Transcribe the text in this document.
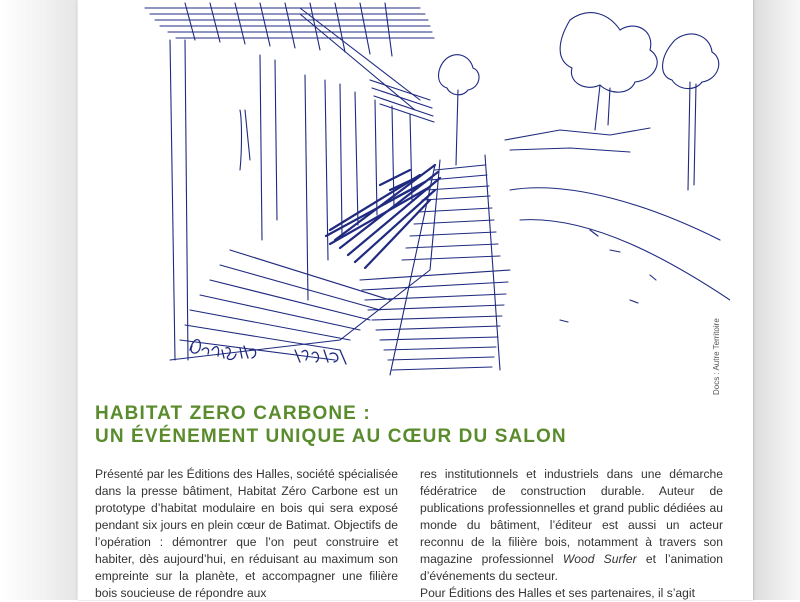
Perspective	Docs : Autre Territoire
HABITAT ZERO CARBONE :
UN ÉVÉNEMENT UNIQUE AU CŒUR DU SALON

Présenté par les Éditions des Halles, société spécialisée dans la presse bâtiment, Habitat Zéro Carbone est un prototype d’habitat modulaire en bois qui sera exposé pendant six jours en plein cœur de Batimat. Objectifs de l’opération : démontrer que l’on peut construire et habiter, dès aujourd’hui, en réduisant au maximum son empreinte sur la planète, et accompagner une filière bois soucieuse de répondre aux

res institutionnels et industriels dans une démarche fédératrice de construction durable. Auteur de publications professionnelles et grand public dédiées au monde du bâtiment, l’éditeur est aussi un acteur reconnu de la filière bois, notamment à travers son magazine professionnel Wood Surfer et l’animation d’événements du secteur.
Pour Éditions des Halles et ses partenaires, il s’agit
